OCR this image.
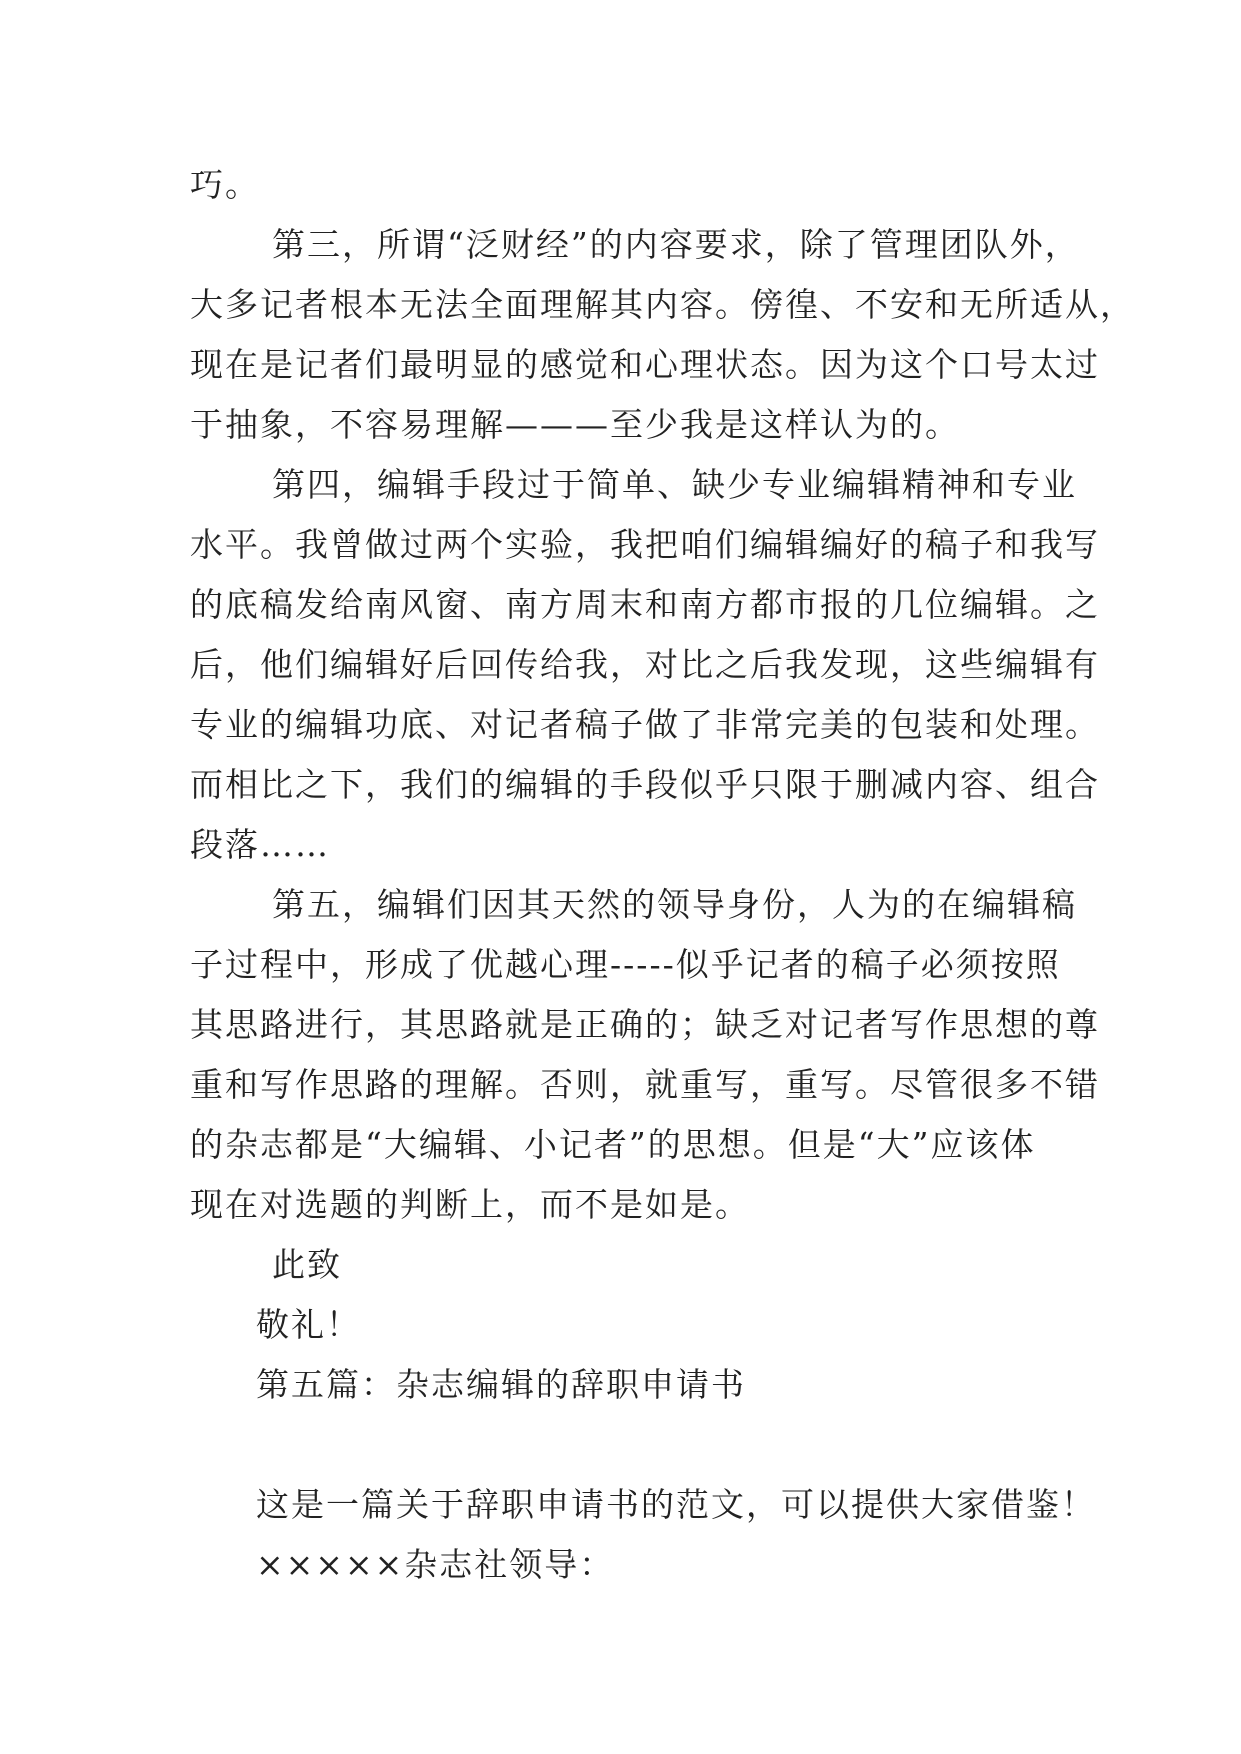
巧。
第三，所谓“泛财经”的内容要求，除了管理团队外，
大多记者根本无法全面理解其内容。傍徨、不安和无所适从，
现在是记者们最明显的感觉和心理状态。因为这个口号太过
于抽象，不容易理解———至少我是这样认为的。
第四，编辑手段过于简单、缺少专业编辑精神和专业
水平。我曾做过两个实验，我把咱们编辑编好的稿子和我写
的底稿发给南风窗、南方周末和南方都市报的几位编辑。之
后，他们编辑好后回传给我，对比之后我发现，这些编辑有
专业的编辑功底、对记者稿子做了非常完美的包装和处理。
而相比之下，我们的编辑的手段似乎只限于删减内容、组合
段落……
第五，编辑们因其天然的领导身份，人为的在编辑稿
子过程中，形成了优越心理-----似乎记者的稿子必须按照
其思路进行，其思路就是正确的；缺乏对记者写作思想的尊
重和写作思路的理解。否则，就重写，重写。尽管很多不错
的杂志都是“大编辑、小记者”的思想。但是“大”应该体
现在对选题的判断上，而不是如是。
此致
敬礼！
第五篇：杂志编辑的辞职申请书
这是一篇关于辞职申请书的范文，可以提供大家借鉴！
×××××杂志社领导：
